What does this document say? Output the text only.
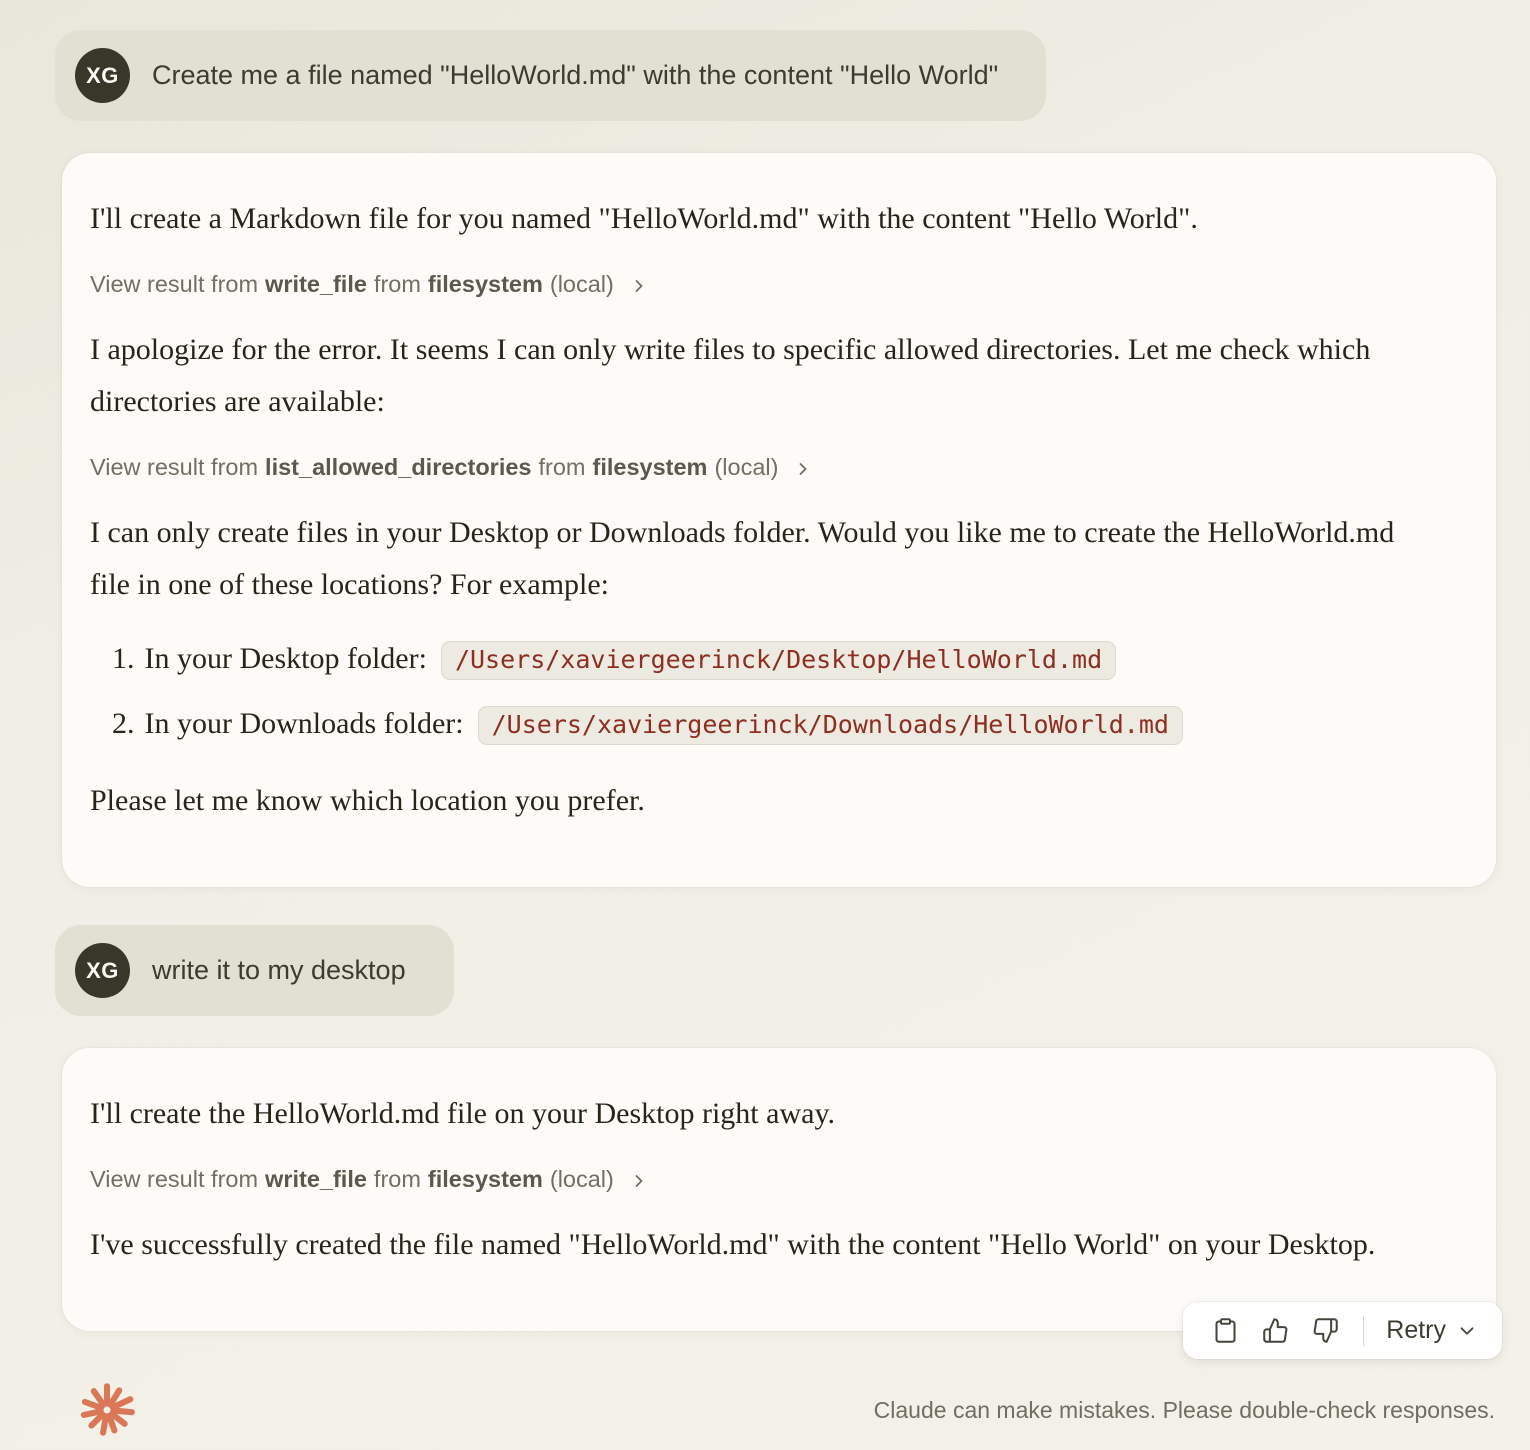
XG Create me a file named "HelloWorld.md" with the content "Hello World"

I'll create a Markdown file for you named "HelloWorld.md" with the content "Hello World".

View result from write_file from filesystem (local)

I apologize for the error. It seems I can only write files to specific allowed directories. Let me check which directories are available:

View result from list_allowed_directories from filesystem (local)

I can only create files in your Desktop or Downloads folder. Would you like me to create the HelloWorld.md file in one of these locations? For example:

1. In your Desktop folder:	/Users/xaviergeerinck/Desktop/HelloWorld.md
2. In your Downloads folder:	/Users/xaviergeerinck/Downloads/HelloWorld.md

Please let me know which location you prefer.

XG write it to my desktop

I'll create the HelloWorld.md file on your Desktop right away.

View result from write_file from filesystem (local)

I've successfully created the file named "HelloWorld.md" with the content "Hello World" on your Desktop.

Retry
Claude can make mistakes. Please double-check responses.
